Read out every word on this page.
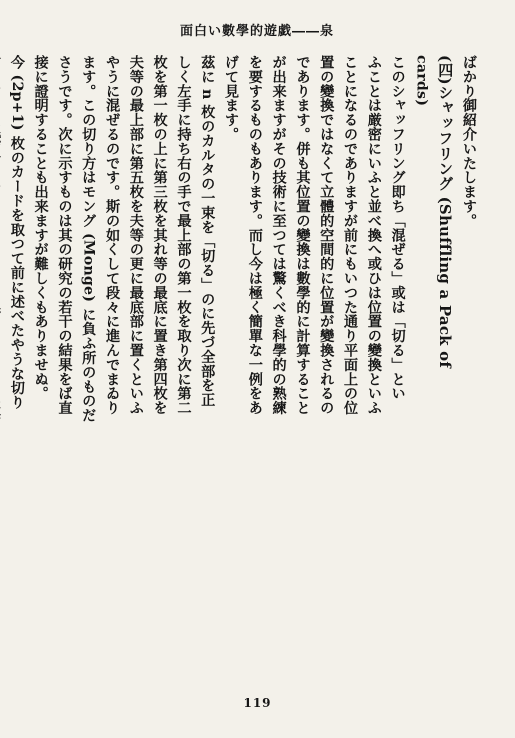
面白い數學的遊戯――泉
ばかり御紹介いたします。
(四)シャッフリング (Shuffling a Pack of
cards)
このシャッフリング即ち「混ぜる」或は「切る」とい
ふことは厳密にいふと並べ換へ或ひは位置の變換といふ
ことになるのでありますが前にもいつた通り平面上の位
置の變換ではなくて立體的空間的に位置が變換されるの
であります。併も其位置の變換は數學的に計算すること
が出来ますがその技術に至つては驚くべき科學的の熟練
を要するものもあります。而し今は極く簡單な一例をあ
げて見ます。
茲に n 枚のカルタの一束を「切る」のに先づ全部を正
しく左手に持ち右の手で最上部の第一枚を取り次に第二
枚を第一枚の上に第三枚を其れ等の最底に置き第四枚を
夫等の最上部に第五枚を夫等の更に最底部に置くといふ
やうに混ぜるのです。斯の如くして段々に進んでまゐり
ます。この切り方はモング (Monge) に負ふ所のものだ
さうです。次に示すものは其の研究の若干の結果をば直
接に證明することも出来ますが難しくもありませぬ。
今 (2p+1) 枚のカードを取つて前に述べたやうな切り
119
